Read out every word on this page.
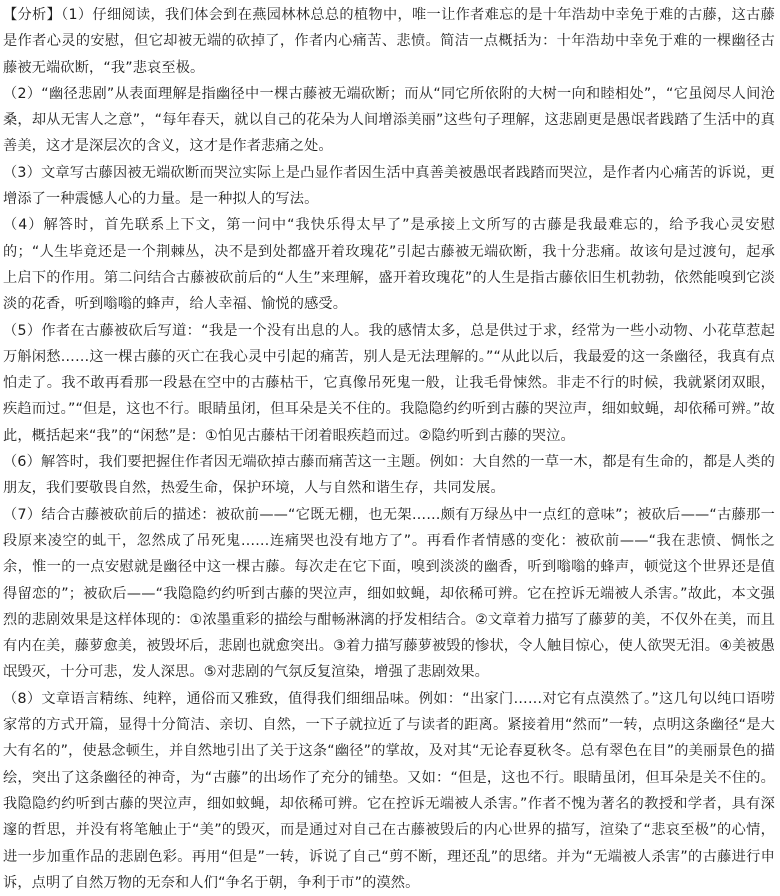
【分析】（1）仔细阅读，我们体会到在燕园林林总总的植物中，唯一让作者难忘的是十年浩劫中幸免于难的古藤，这古藤是作者心灵的安慰，但它却被无端的砍掉了，作者内心痛苦、悲愤。简洁一点概括为：十年浩劫中幸免于难的一棵幽径古藤被无端砍断，“我”悲哀至极。

（2）“幽径悲剧”从表面理解是指幽径中一棵古藤被无端砍断；而从“同它所依附的大树一向和睦相处”，“它虽阅尽人间沧桑，却从无害人之意”，“每年春天，就以自己的花朵为人间增添美丽”这些句子理解，这悲剧更是愚氓者践踏了生活中的真善美，这才是深层次的含义，这才是作者悲痛之处。

（3）文章写古藤因被无端砍断而哭泣实际上是凸显作者因生活中真善美被愚氓者践踏而哭泣，是作者内心痛苦的诉说，更增添了一种震憾人心的力量。是一种拟人的写法。

（4）解答时，首先联系上下文，第一问中“我快乐得太早了”是承接上文所写的古藤是我最难忘的，给予我心灵安慰的；“人生毕竟还是一个荆棘丛，决不是到处都盛开着玫瑰花”引起古藤被无端砍断，我十分悲痛。故该句是过渡句，起承上启下的作用。第二问结合古藤被砍前后的“人生”来理解，盛开着玫瑰花”的人生是指古藤依旧生机勃勃，依然能嗅到它淡淡的花香，听到嗡嗡的蜂声，给人幸福、愉悦的感受。

（5）作者在古藤被砍后写道：“我是一个没有出息的人。我的感情太多，总是供过于求，经常为一些小动物、小花草惹起万斛闲愁……这一棵古藤的灭亡在我心灵中引起的痛苦，别人是无法理解的。”“从此以后，我最爱的这一条幽径，我真有点怕走了。我不敢再看那一段悬在空中的古藤枯干，它真像吊死鬼一般，让我毛骨悚然。非走不行的时候，我就紧闭双眼，疾趋而过。”“但是，这也不行。眼睛虽闭，但耳朵是关不住的。我隐隐约约听到古藤的哭泣声，细如蚊蝇，却依稀可辨。”故此，概括起来“我”的“闲愁”是：①怕见古藤枯干闭着眼疾趋而过。②隐约听到古藤的哭泣。

（6）解答时，我们要把握住作者因无端砍掉古藤而痛苦这一主题。例如：大自然的一草一木，都是有生命的，都是人类的朋友，我们要敬畏自然，热爱生命，保护环境，人与自然和谐生存，共同发展。

（7）结合古藤被砍前后的描述：被砍前——“它既无棚，也无架……颇有万绿丛中一点红的意味”；被砍后——“古藤那一段原来凌空的虬干，忽然成了吊死鬼……连痛哭也没有地方了”。再看作者情感的变化：被砍前——“我在悲愤、惆怅之余，惟一的一点安慰就是幽径中这一棵古藤。每次走在它下面，嗅到淡淡的幽香，听到嗡嗡的蜂声，顿觉这个世界还是值得留恋的”；被砍后——“我隐隐约约听到古藤的哭泣声，细如蚊蝇，却依稀可辨。它在控诉无端被人杀害。”故此，本文强烈的悲剧效果是这样体现的：①浓墨重彩的描绘与酣畅淋漓的抒发相结合。②文章着力描写了藤萝的美，不仅外在美，而且有内在美，藤萝愈美，被毁坏后，悲剧也就愈突出。③着力描写藤萝被毁的惨状，令人触目惊心，使人欲哭无泪。④美被愚氓毁灭，十分可悲，发人深思。⑤对悲剧的气氛反复渲染，增强了悲剧效果。

（8）文章语言精练、纯粹，通俗而又雅致，值得我们细细品味。例如：“出家门……对它有点漠然了。”这几句以纯口语唠家常的方式开篇，显得十分简洁、亲切、自然，一下子就拉近了与读者的距离。紧接着用“然而”一转，点明这条幽径“是大大有名的”，使悬念顿生，并自然地引出了关于这条“幽径”的掌故，及对其“无论春夏秋冬。总有翠色在目”的美丽景色的描绘，突出了这条幽径的神奇，为“古藤”的出场作了充分的铺垫。又如：“但是，这也不行。眼睛虽闭，但耳朵是关不住的。我隐隐约约听到古藤的哭泣声，细如蚊蝇，却依稀可辨。它在控诉无端被人杀害。”作者不愧为著名的教授和学者，具有深邃的哲思，并没有将笔触止于“美”的毁灭，而是通过对自己在古藤被毁后的内心世界的描写，渲染了“悲哀至极”的心情，进一步加重作品的悲剧色彩。再用“但是”一转，诉说了自己“剪不断，理还乱”的思绪。并为“无端被人杀害”的古藤进行申诉，点明了自然万物的无奈和人们“争名于朝，争利于市”的漠然。
